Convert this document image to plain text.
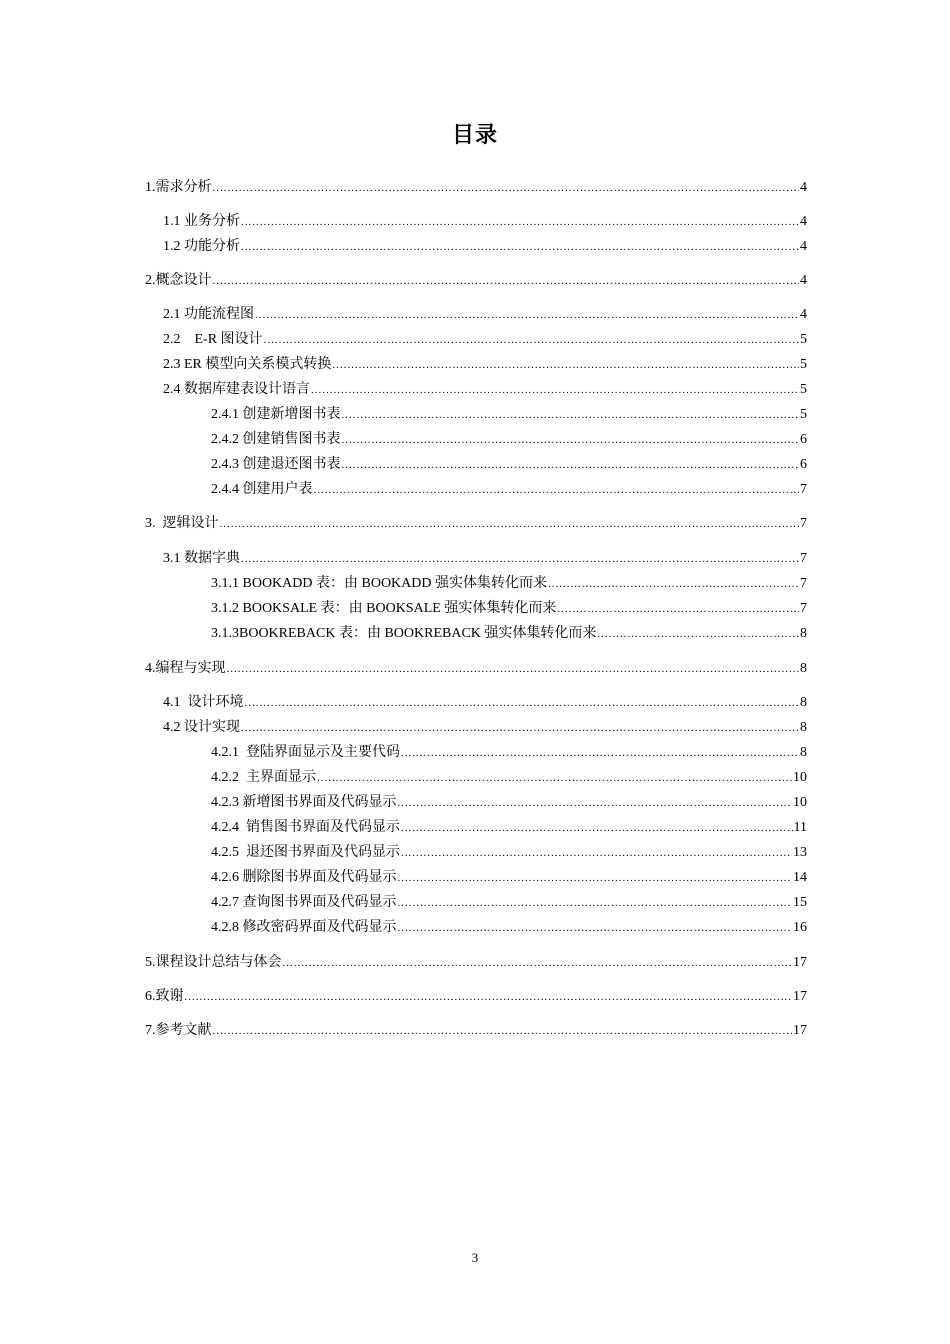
目录
1.需求分析 .....	4
1.1 业务分析 .....	4
1.2 功能分析 .....	4
2.概念设计 .....	4
2.1 功能流程图 .....	4
2.2    E-R 图设计 .....	5
2.3 ER 模型向关系模式转换 .....	5
2.4 数据库建表设计语言 .....	5
2.4.1 创建新增图书表 .....	5
2.4.2 创建销售图书表 .....	6
2.4.3 创建退还图书表 .....	6
2.4.4 创建用户表 .....	7
3.  逻辑设计 .....	7
3.1 数据字典 .....	7
3.1.1 BOOKADD 表：由 BOOKADD 强实体集转化而来 .....	7
3.1.2 BOOKSALE 表：由 BOOKSALE 强实体集转化而来 .....	7
3.1.3BOOKREBACK 表：由 BOOKREBACK 强实体集转化而来 .....	8
4.编程与实现 .....	8
4.1  设计环境 .....	8
4.2 设计实现 .....	8
4.2.1  登陆界面显示及主要代码 .....	8
4.2.2  主界面显示 .....	10
4.2.3 新增图书界面及代码显示 .....	10
4.2.4  销售图书界面及代码显示 .....	11
4.2.5  退还图书界面及代码显示 .....	13
4.2.6 删除图书界面及代码显示 .....	14
4.2.7 查询图书界面及代码显示 .....	15
4.2.8 修改密码界面及代码显示 .....	16
5.课程设计总结与体会 .....	17
6.致谢 .....	17
7.参考文献 .....	17
3
